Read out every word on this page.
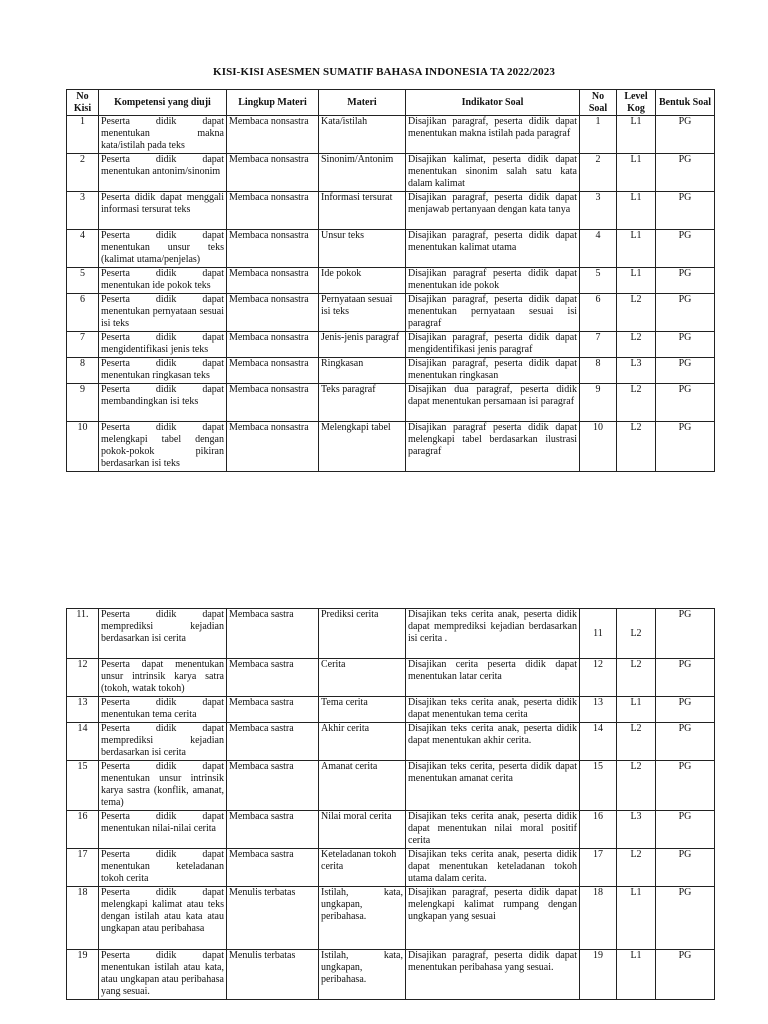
KISI-KISI ASESMEN SUMATIF BAHASA INDONESIA TA 2022/2023
No Kisi	Kompetensi yang diuji	Lingkup Materi	Materi	Indikator Soal	No Soal	Level Kog	Bentuk Soal
1	Peserta didik dapat menentukan makna kata/istilah pada teks	Membaca nonsastra	Kata/istilah	Disajikan paragraf, peserta didik dapat menentukan makna istilah pada paragraf	1	L1	PG
2	Peserta didik dapat menentukan antonim/sinonim	Membaca nonsastra	Sinonim/Antonim	Disajikan kalimat, peserta didik dapat menentukan sinonim salah satu kata dalam kalimat	2	L1	PG
3	Peserta didik dapat menggali informasi tersurat teks	Membaca nonsastra	Informasi tersurat	Disajikan paragraf, peserta didik dapat menjawab pertanyaan dengan kata tanya	3	L1	PG
4	Peserta didik dapat menentukan unsur teks (kalimat utama/penjelas)	Membaca nonsastra	Unsur teks	Disajikan paragraf, peserta didik dapat menentukan kalimat utama	4	L1	PG
5	Peserta didik dapat menentukan ide pokok teks	Membaca nonsastra	Ide pokok	Disajikan paragraf peserta didik dapat menentukan ide pokok	5	L1	PG
6	Peserta didik dapat menentukan pernyataan sesuai isi teks	Membaca nonsastra	Pernyataan sesuai isi teks	Disajikan paragraf, peserta didik dapat menentukan pernyataan sesuai isi paragraf	6	L2	PG
7	Peserta didik dapat mengidentifikasi jenis teks	Membaca nonsastra	Jenis-jenis paragraf	Disajikan paragraf, peserta didik dapat mengidentifikasi jenis paragraf	7	L2	PG
8	Peserta didik dapat menentukan ringkasan teks	Membaca nonsastra	Ringkasan	Disajikan paragraf, peserta didik dapat menentukan ringkasan	8	L3	PG
9	Peserta didik dapat membandingkan isi teks	Membaca nonsastra	Teks paragraf	Disajikan dua paragraf, peserta didik dapat menentukan persamaan isi paragraf	9	L2	PG
10	Peserta didik dapat melengkapi tabel dengan pokok-pokok pikiran berdasarkan isi teks	Membaca nonsastra	Melengkapi tabel	Disajikan paragraf peserta didik dapat melengkapi tabel berdasarkan ilustrasi paragraf	10	L2	PG
11.	Peserta didik dapat memprediksi kejadian berdasarkan isi cerita	Membaca sastra	Prediksi cerita	Disajikan teks cerita anak, peserta didik dapat memprediksi kejadian berdasarkan isi cerita .	11	L2	PG
12	Peserta dapat menentukan unsur intrinsik karya satra (tokoh, watak tokoh)	Membaca sastra	Cerita	Disajikan cerita peserta didik dapat menentukan latar cerita	12	L2	PG
13	Peserta didik dapat menentukan tema cerita	Membaca sastra	Tema cerita	Disajikan teks cerita anak, peserta didik dapat menentukan tema cerita	13	L1	PG
14	Peserta didik dapat memprediksi kejadian berdasarkan isi cerita	Membaca sastra	Akhir cerita	Disajikan teks cerita anak, peserta didik dapat menentukan akhir cerita.	14	L2	PG
15	Peserta didik dapat menentukan unsur intrinsik karya sastra (konflik, amanat, tema)	Membaca sastra	Amanat cerita	Disajikan teks cerita, peserta didik dapat menentukan amanat cerita	15	L2	PG
16	Peserta didik dapat menentukan nilai-nilai cerita	Membaca sastra	Nilai moral cerita	Disajikan teks cerita anak, peserta didik dapat menentukan nilai moral positif cerita	16	L3	PG
17	Peserta didik dapat menentukan keteladanan tokoh cerita	Membaca sastra	Keteladanan tokoh cerita	Disajikan teks cerita anak, peserta didik dapat menentukan keteladanan tokoh utama dalam cerita.	17	L2	PG
18	Peserta didik dapat melengkapi kalimat atau teks dengan istilah atau kata atau ungkapan atau peribahasa	Menulis terbatas	Istilah, kata, ungkapan, peribahasa.	Disajikan paragraf, peserta didik dapat melengkapi kalimat rumpang dengan ungkapan yang sesuai	18	L1	PG
19	Peserta didik dapat menentukan istilah atau kata, atau ungkapan atau peribahasa yang sesuai.	Menulis terbatas	Istilah, kata, ungkapan, peribahasa.	Disajikan paragraf, peserta didik dapat menentukan peribahasa yang sesuai.	19	L1	PG
